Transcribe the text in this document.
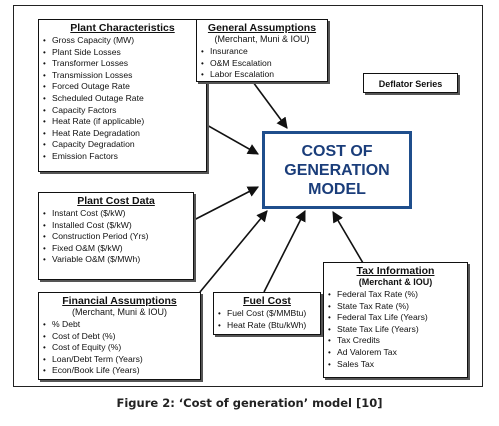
Plant Characteristics
• Gross Capacity (MW)
• Plant Side Losses
• Transformer Losses
• Transmission Losses
• Forced Outage Rate
• Scheduled Outage Rate
• Capacity Factors
• Heat Rate (if applicable)
• Heat Rate Degradation
• Capacity Degradation
• Emission Factors
General Assumptions
(Merchant, Muni & IOU)
• Insurance
• O&M Escalation
• Labor Escalation
Deflator Series
COST OF
GENERATION
MODEL
Plant Cost Data
• Instant Cost ($/kW)
• Installed Cost ($/kW)
• Construction Period (Yrs)
• Fixed O&M ($/kW)
• Variable O&M ($/MWh)
Financial Assumptions
(Merchant, Muni & IOU)
• % Debt
• Cost of Debt (%)
• Cost of Equity (%)
• Loan/Debt Term (Years)
• Econ/Book Life (Years)
Fuel Cost
• Fuel Cost ($/MMBtu)
• Heat Rate (Btu/kWh)
Tax Information
(Merchant & IOU)
• Federal Tax Rate (%)
• State Tax Rate (%)
• Federal Tax Life (Years)
• State Tax Life (Years)
• Tax Credits
• Ad Valorem Tax
• Sales Tax
Figure 2: ‘Cost of generation’ model [10]
